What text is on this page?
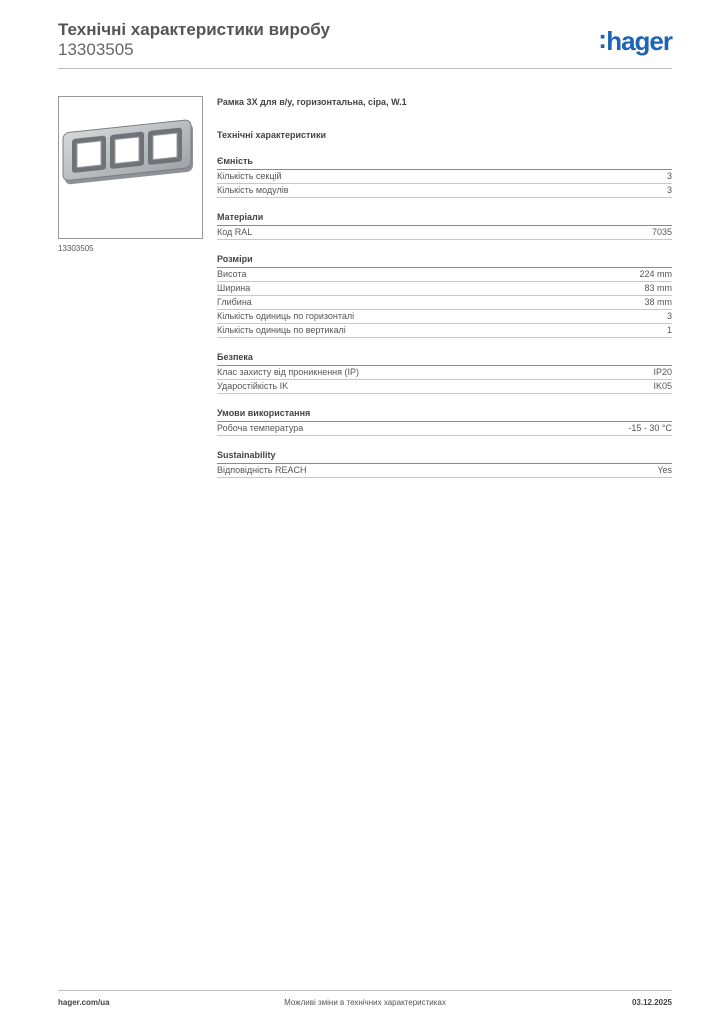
Технічні характеристики виробу
13303505	:hager
13303505
Рамка 3Х для в/у, горизонтальна, сіра, W.1
Технічні характеристики
Ємність
Кількість секцій	3
Кількість модулів	3
Матеріали
Код RAL	7035
Розміри
Висота	224 mm
Ширина	83 mm
Глибина	38 mm
Кількість одиниць по горизонталі	3
Кількість одиниць по вертикалі	1
Безпека
Клас захисту від проникнення (IP)	IP20
Ударостійкість IK	IK05
Умови використання
Робоча температура	-15 - 30 °C
Sustainability
Відповідність REACH	Yes
Можливі зміни в технічних характеристиках
hager.com/ua	03.12.2025
